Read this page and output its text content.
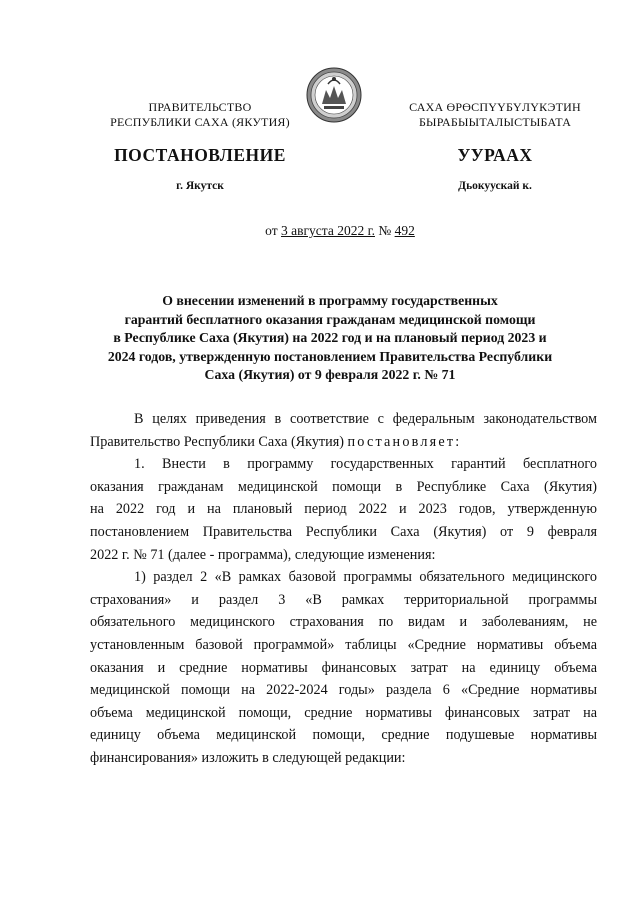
ПРАВИТЕЛЬСТВО
РЕСПУБЛИКИ САХА (ЯКУТИЯ)
САХА ӨРӨСПҮҮБҮЛҮКЭТИН
БЫРАБЫЫТАЛЫСТЫБАТА
ПОСТАНОВЛЕНИЕ	УУРААХ
г. Якутск	Дьокуускай к.
от 3 августа 2022 г. № 492
О внесении изменений в программу государственных
гарантий бесплатного оказания гражданам медицинской помощи
в Республике Саха (Якутия) на 2022 год и на плановый период 2023 и
2024 годов, утвержденную постановлением Правительства Республики
Саха (Якутия) от 9 февраля 2022 г. № 71

В целях приведения в соответствие с федеральным законодательством
Правительство Республики Саха (Якутия) постановляет:

1. Внести в программу государственных гарантий бесплатного
оказания гражданам медицинской помощи в Республике Саха (Якутия)
на 2022 год и на плановый период 2022 и 2023 годов, утвержденную
постановлением Правительства Республики Саха (Якутия) от 9 февраля
2022 г. № 71 (далее - программа), следующие изменения:

1) раздел 2 «В рамках базовой программы обязательного медицинского
страхования» и раздел 3 «В рамках территориальной программы
обязательного медицинского страхования по видам и заболеваниям, не
установленным базовой программой» таблицы «Средние нормативы объема
оказания и средние нормативы финансовых затрат на единицу объема
медицинской помощи на 2022-2024 годы» раздела 6 «Средние нормативы
объема медицинской помощи, средние нормативы финансовых затрат на
единицу объема медицинской помощи, средние подушевые нормативы
финансирования» изложить в следующей редакции:
